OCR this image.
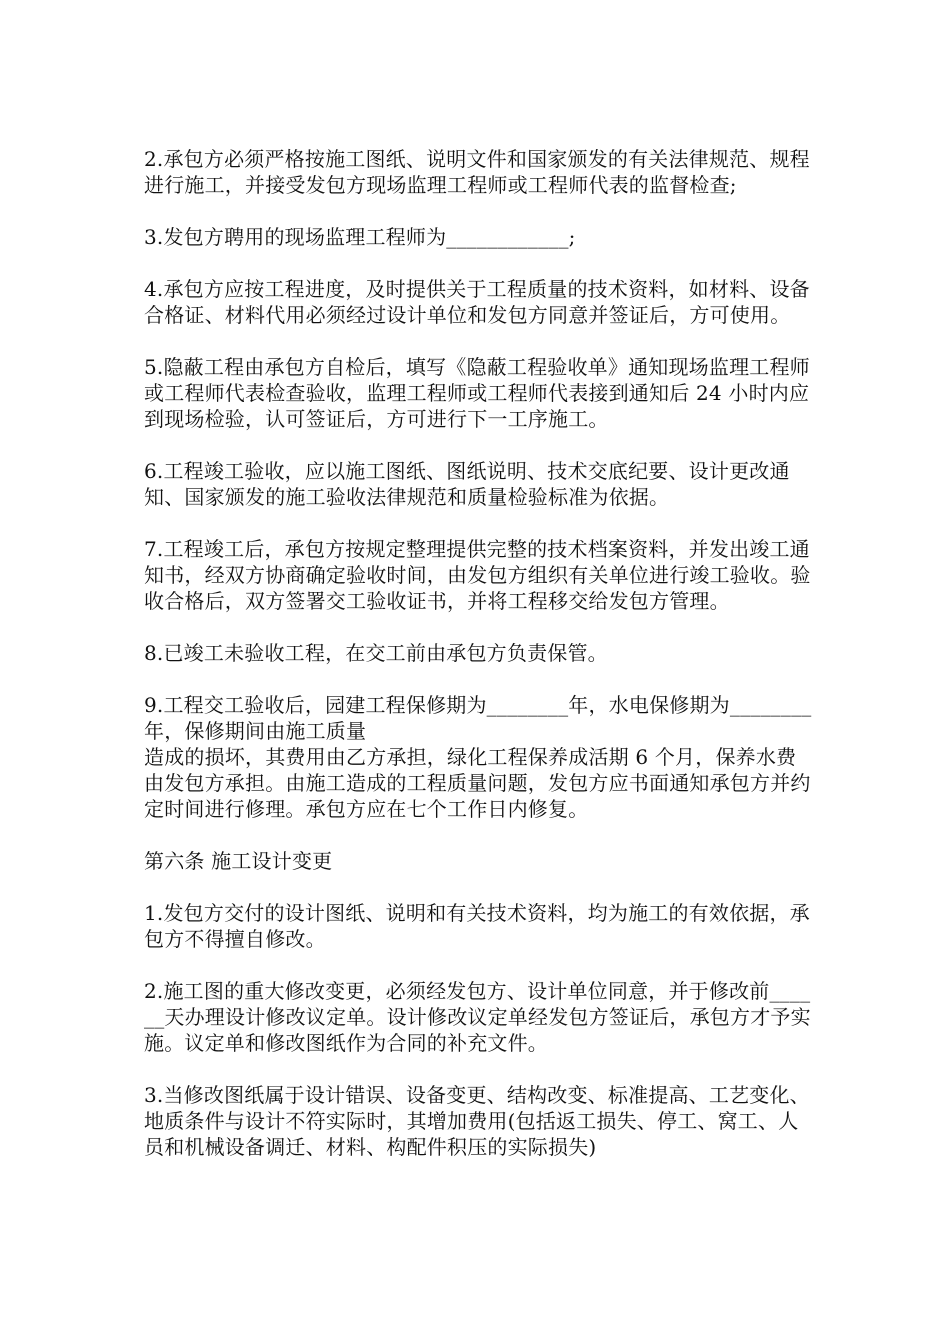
2.承包方必须严格按施工图纸、说明文件和国家颁发的有关法律规范、规程进行施工，并接受发包方现场监理工程师或工程师代表的监督检查;

3.发包方聘用的现场监理工程师为____________;

4.承包方应按工程进度，及时提供关于工程质量的技术资料，如材料、设备合格证、材料代用必须经过设计单位和发包方同意并签证后，方可使用。

5.隐蔽工程由承包方自检后，填写《隐蔽工程验收单》通知现场监理工程师或工程师代表检查验收，监理工程师或工程师代表接到通知后 24 小时内应到现场检验，认可签证后，方可进行下一工序施工。

6.工程竣工验收，应以施工图纸、图纸说明、技术交底纪要、设计更改通知、国家颁发的施工验收法律规范和质量检验标准为依据。

7.工程竣工后，承包方按规定整理提供完整的技术档案资料，并发出竣工通知书，经双方协商确定验收时间，由发包方组织有关单位进行竣工验收。验收合格后，双方签署交工验收证书，并将工程移交给发包方管理。

8.已竣工未验收工程，在交工前由承包方负责保管。

9.工程交工验收后，园建工程保修期为________年，水电保修期为________年，保修期间由施工质量

造成的损坏，其费用由乙方承担，绿化工程保养成活期 6 个月，保养水费由发包方承担。由施工造成的工程质量问题，发包方应书面通知承包方并约定时间进行修理。承包方应在七个工作日内修复。

第六条 施工设计变更

1.发包方交付的设计图纸、说明和有关技术资料，均为施工的有效依据，承包方不得擅自修改。

2.施工图的重大修改变更，必须经发包方、设计单位同意，并于修改前______天办理设计修改议定单。设计修改议定单经发包方签证后，承包方才予实施。议定单和修改图纸作为合同的补充文件。

3.当修改图纸属于设计错误、设备变更、结构改变、标准提高、工艺变化、地质条件与设计不符实际时，其增加费用(包括返工损失、停工、窝工、人员和机械设备调迁、材料、构配件积压的实际损失)
